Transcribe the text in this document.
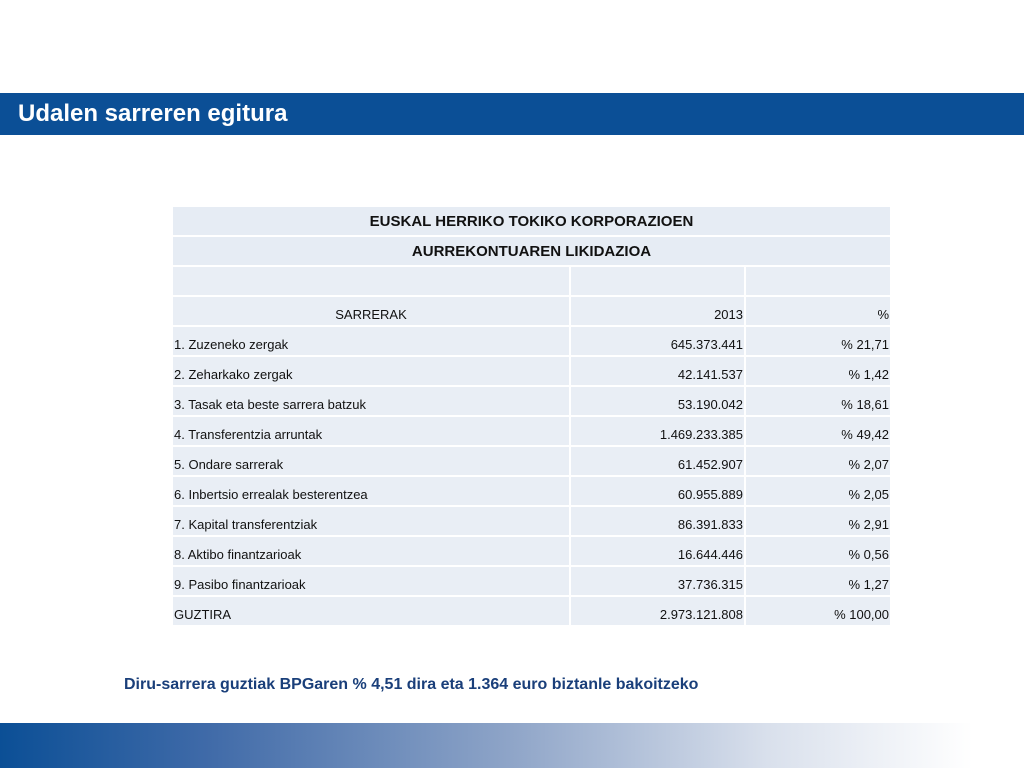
Udalen sarreren egitura
EUSKAL HERRIKO TOKIKO KORPORAZIOEN		
AURREKONTUAREN LIKIDAZIOA		

SARRERAK	2013	%
1. Zuzeneko zergak	645.373.441	% 21,71
2. Zeharkako zergak	42.141.537	% 1,42
3. Tasak eta beste sarrera batzuk	53.190.042	% 18,61
4. Transferentzia arruntak	1.469.233.385	% 49,42
5. Ondare sarrerak	61.452.907	% 2,07
6. Inbertsio errealak besterentzea	60.955.889	% 2,05
7. Kapital transferentziak	86.391.833	% 2,91
8. Aktibo finantzarioak	16.644.446	% 0,56
9. Pasibo finantzarioak	37.736.315	% 1,27
GUZTIRA	2.973.121.808	% 100,00
Diru-sarrera guztiak BPGaren % 4,51 dira eta 1.364 euro biztanle bakoitzeko
